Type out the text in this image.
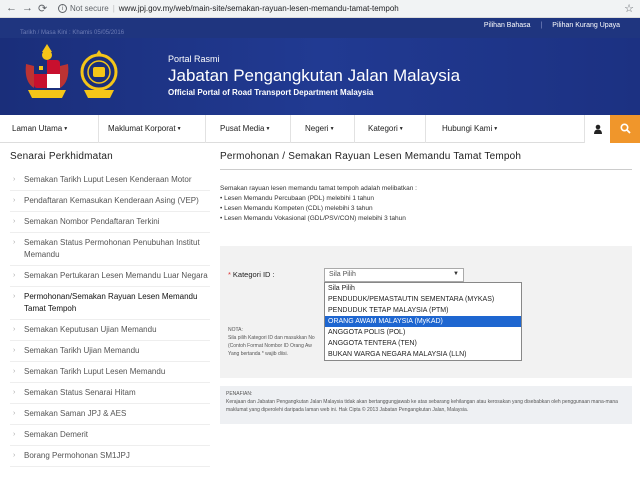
← → ⟳	i Not secure | www.jpj.gov.my/web/main-site/semakan-rayuan-lesen-memandu-tamat-tempoh	☆
Tarikh / Masa Kini : Khamis 05/05/2016
Pilihan Bahasa | Pilihan Kurang Upaya
Portal Rasmi
Jabatan Pengangkutan Jalan Malaysia
Official Portal of Road Transport Department Malaysia
Laman Utama▼	Maklumat Korporat▼	Pusat Media▼	Negeri▼	Kategori▼	Hubungi Kami▼
Senarai Perkhidmatan
› Semakan Tarikh Luput Lesen Kenderaan Motor
› Pendaftaran Kemasukan Kenderaan Asing (VEP)
› Semakan Nombor Pendaftaran Terkini
› Semakan Status Permohonan Penubuhan Institut Memandu
› Semakan Pertukaran Lesen Memandu Luar Negara
› Permohonan/Semakan Rayuan Lesen Memandu Tamat Tempoh
› Semakan Keputusan Ujian Memandu
› Semakan Tarikh Ujian Memandu
› Semakan Tarikh Luput Lesen Memandu
› Semakan Status Senarai Hitam
› Semakan Saman JPJ & AES
› Semakan Demerit
› Borang Permohonan SM1JPJ
Permohonan / Semakan Rayuan Lesen Memandu Tamat Tempoh
Semakan rayuan lesen memandu tamat tempoh adalah melibatkan :
• Lesen Memandu Percubaan (PDL) melebihi 1 tahun
• Lesen Memandu Kompeten (CDL) melebihi 3 tahun
• Lesen Memandu Vokasional (GDL/PSV/CON) melebihi 3 tahun
* Kategori ID :	Sila Pilih	▼
Sila Pilih
PENDUDUK/PEMASTAUTIN SEMENTARA (MYKAS)
PENDUDUK TETAP MALAYSIA (PTM)
ORANG AWAM MALAYSIA (MyKAD)
ANGGOTA POLIS (POL)
ANGGOTA TENTERA (TEN)
BUKAN WARGA NEGARA MALAYSIA (LLN)
NOTA:
Sila pilih Kategori ID dan masukkan No
(Contoh Format Nombor ID Orang Aw
Yang bertanda * wajib diisi.
PENAFIAN:
Kerajaan dan Jabatan Pengangkutan Jalan Malaysia tidak akan bertanggungjawab ke atas sebarang kehilangan atau kerosakan yang disebabkan oleh penggunaan mana-mana maklumat yang diperolehi daripada laman web ini. Hak Cipta © 2013 Jabatan Pengangkutan Jalan, Malaysia.
